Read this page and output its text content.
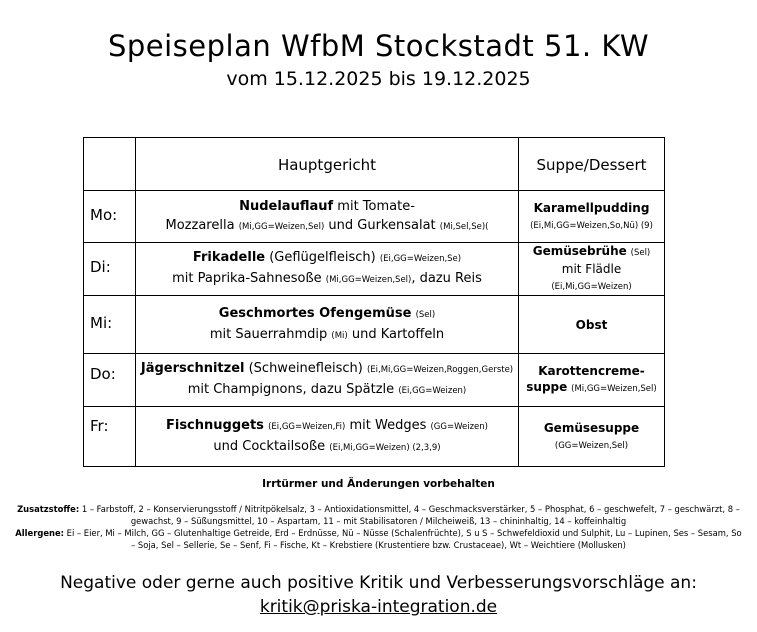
Speiseplan WfbM Stockstadt 51. KW
vom 15.12.2025 bis 19.12.2025
	Hauptgericht	Suppe/Dessert

Mo:	Nudelauflauf mit Tomate-
Mozzarella (Mi,GG=Weizen,Sel) und Gurkensalat (Mi,Sel,Se)(	Karamellpudding
(Ei,Mi,GG=Weizen,So,Nü) (9)

Di:	Frikadelle (Geflügelfleisch) (Ei,GG=Weizen,Se)
mit Paprika-Sahnesoße (Mi,GG=Weizen,Sel), dazu Reis	Gemüsebrühe (Sel)
mit Flädle
(Ei,Mi,GG=Weizen)

Mi:	Geschmortes Ofengemüse (Sel)
mit Sauerrahmdip (Mi) und Kartoffeln	Obst

Do:	Jägerschnitzel (Schweinefleisch) (Ei,Mi,GG=Weizen,Roggen,Gerste)
mit Champignons, dazu Spätzle (Ei,GG=Weizen)	Karottencreme-
suppe (Mi,GG=Weizen,Sel)

Fr:	Fischnuggets (Ei,GG=Weizen,Fi) mit Wedges (GG=Weizen)
und Cocktailsoße (Ei,Mi,GG=Weizen) (2,3,9)	Gemüsesuppe
(GG=Weizen,Sel)
Irrtürmer und Änderungen vorbehalten
Zusatzstoffe: 1 – Farbstoff, 2 – Konservierungsstoff / Nitritpökelsalz, 3 – Antioxidationsmittel, 4 – Geschmacksverstärker, 5 – Phosphat, 6 – geschwefelt, 7 – geschwärzt, 8 – gewachst, 9 – Süßungsmittel, 10 – Aspartam, 11 – mit Stabilisatoren / Milcheiweiß, 13 – chininhaltig, 14 – koffeinhaltig
Allergene: Ei – Eier, Mi – Milch, GG – Glutenhaltige Getreide, Erd – Erdnüsse, Nü – Nüsse (Schalenfrüchte), S u S – Schwefeldioxid und Sulphit, Lu – Lupinen, Ses – Sesam, So – Soja, Sel – Sellerie, Se – Senf, Fi – Fische, Kt – Krebstiere (Krustentiere bzw. Crustaceae), Wt – Weichtiere (Mollusken)
Negative oder gerne auch positive Kritik und Verbesserungsvorschläge an:
kritik@priska-integration.de
